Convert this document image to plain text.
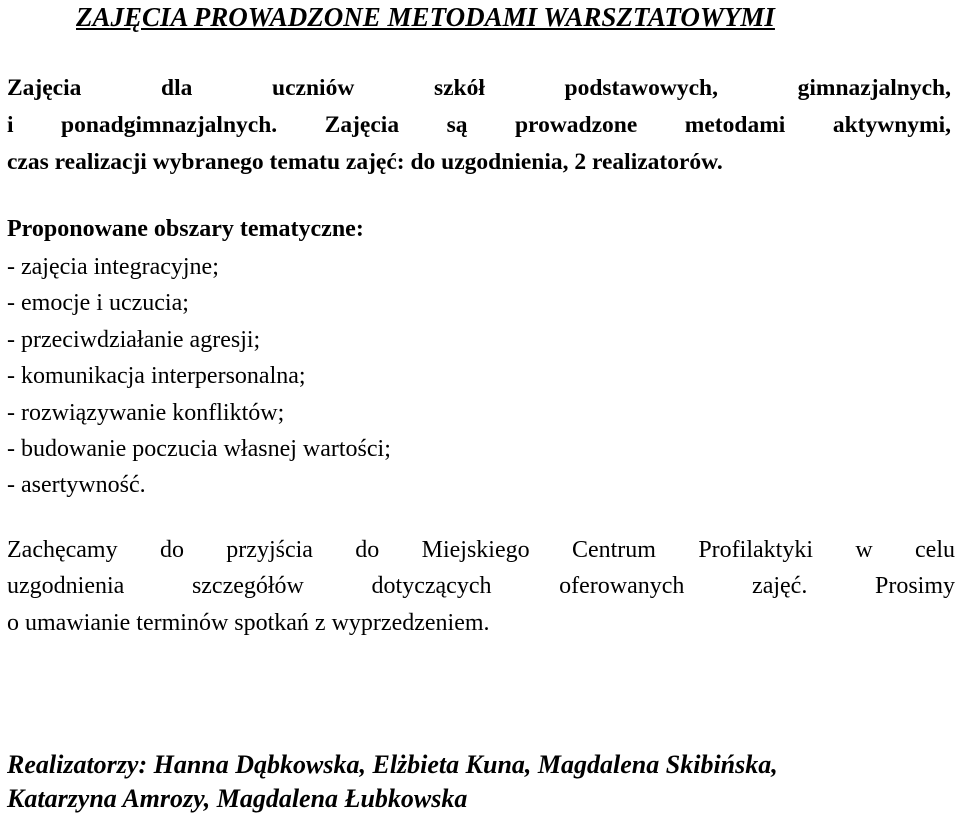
ZAJĘCIA PROWADZONE METODAMI WARSZTATOWYMI

Zajęcia dla uczniów szkół podstawowych, gimnazjalnych,
i ponadgimnazjalnych. Zajęcia są prowadzone metodami aktywnymi,
czas realizacji wybranego tematu zajęć: do uzgodnienia, 2 realizatorów.

Proponowane obszary tematyczne:
- zajęcia integracyjne;
- emocje i uczucia;
- przeciwdziałanie agresji;
- komunikacja interpersonalna;
- rozwiązywanie konfliktów;
- budowanie poczucia własnej wartości;
- asertywność.

Zachęcamy do przyjścia do Miejskiego Centrum Profilaktyki w celu
uzgodnienia szczegółów dotyczących oferowanych zajęć. Prosimy
o umawianie terminów spotkań z wyprzedzeniem.

Realizatorzy: Hanna Dąbkowska, Elżbieta Kuna, Magdalena Skibińska,
Katarzyna Amrozy, Magdalena Łubkowska
